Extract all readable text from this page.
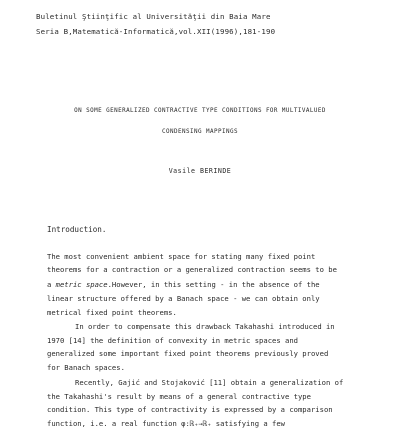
Buletinul Ştiinţific al Universităţii din Baia Mare
Seria B,Matematică-Informatică,vol.XII(1996),181-190
ON SOME GENERALIZED CONTRACTIVE TYPE CONDITIONS FOR MULTIVALUED
CONDENSING MAPPINGS
Vasile BERINDE
Introduction.
The most convenient ambient space for stating many fixed point
theorems for a contraction or a generalized contraction seems to be
a metric space.However, in this setting - in the absence of the
linear structure offered by a Banach space - we can obtain only
metrical fixed point theorems.
In order to compensate this drawback Takahashi introduced in
1970 [14] the definition of convexity in metric spaces and
generalized some important fixed point theorems previously proved
for Banach spaces.
Recently, Gajić and Stojaković [11] obtain a generalization of
the Takahashi's result by means of a general contractive type
condition. This type of contractivity is expressed by a comparison
function, i.e. a real function φ:ℝ₊→ℝ₊ satisfying a few
